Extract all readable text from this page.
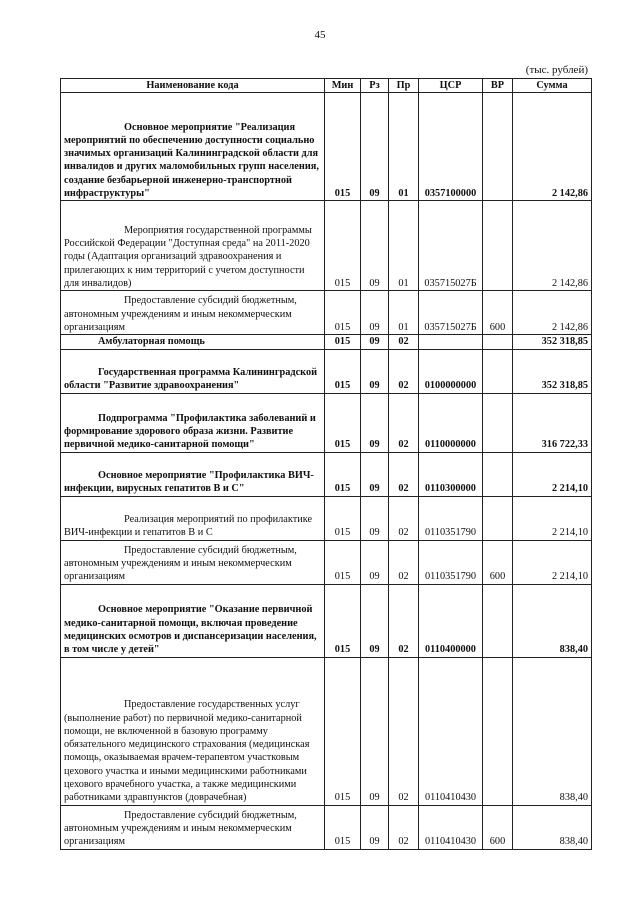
45
(тыс. рублей)
Наименование кода	Мин	Рз	Пр	ЦСР	ВР	Сумма
Основное мероприятие "Реализация мероприятий по обеспечению доступности социально значимых организаций Калининградской области для инвалидов и других маломобильных групп населения, создание безбарьерной инженерно-транспортной инфраструктуры"	015	09	01	0357100000		2 142,86
Мероприятия государственной программы Российской Федерации "Доступная среда" на 2011-2020 годы (Адаптация организаций здравоохранения и прилегающих к ним территорий с учетом доступности для инвалидов)	015	09	01	035715027Б		2 142,86
Предоставление субсидий бюджетным, автономным учреждениям и иным некоммерческим организациям	015	09	01	035715027Б	600	2 142,86
Амбулаторная помощь	015	09	02			352 318,85
Государственная программа Калининградской области "Развитие здравоохранения"	015	09	02	0100000000		352 318,85
Подпрограмма "Профилактика заболеваний и формирование здорового образа жизни. Развитие первичной медико-санитарной помощи"	015	09	02	0110000000		316 722,33
Основное мероприятие "Профилактика ВИЧ-инфекции, вирусных гепатитов В и С"	015	09	02	0110300000		2 214,10
Реализация мероприятий по профилактике ВИЧ-инфекции и гепатитов В и С	015	09	02	0110351790		2 214,10
Предоставление субсидий бюджетным, автономным учреждениям и иным некоммерческим организациям	015	09	02	0110351790	600	2 214,10
Основное мероприятие "Оказание первичной медико-санитарной помощи, включая проведение медицинских осмотров и диспансеризации населения, в том числе у детей"	015	09	02	0110400000		838,40
Предоставление государственных услуг (выполнение работ) по первичной медико-санитарной помощи, не включенной в базовую программу обязательного медицинского страхования (медицинская помощь, оказываемая врачем-терапевтом участковым цехового участка и иными медицинскими работниками цехового врачебного участка, а также медицинскими работниками здравпунктов (доврачебная)	015	09	02	0110410430		838,40
Предоставление субсидий бюджетным, автономным учреждениям и иным некоммерческим организациям	015	09	02	0110410430	600	838,40
